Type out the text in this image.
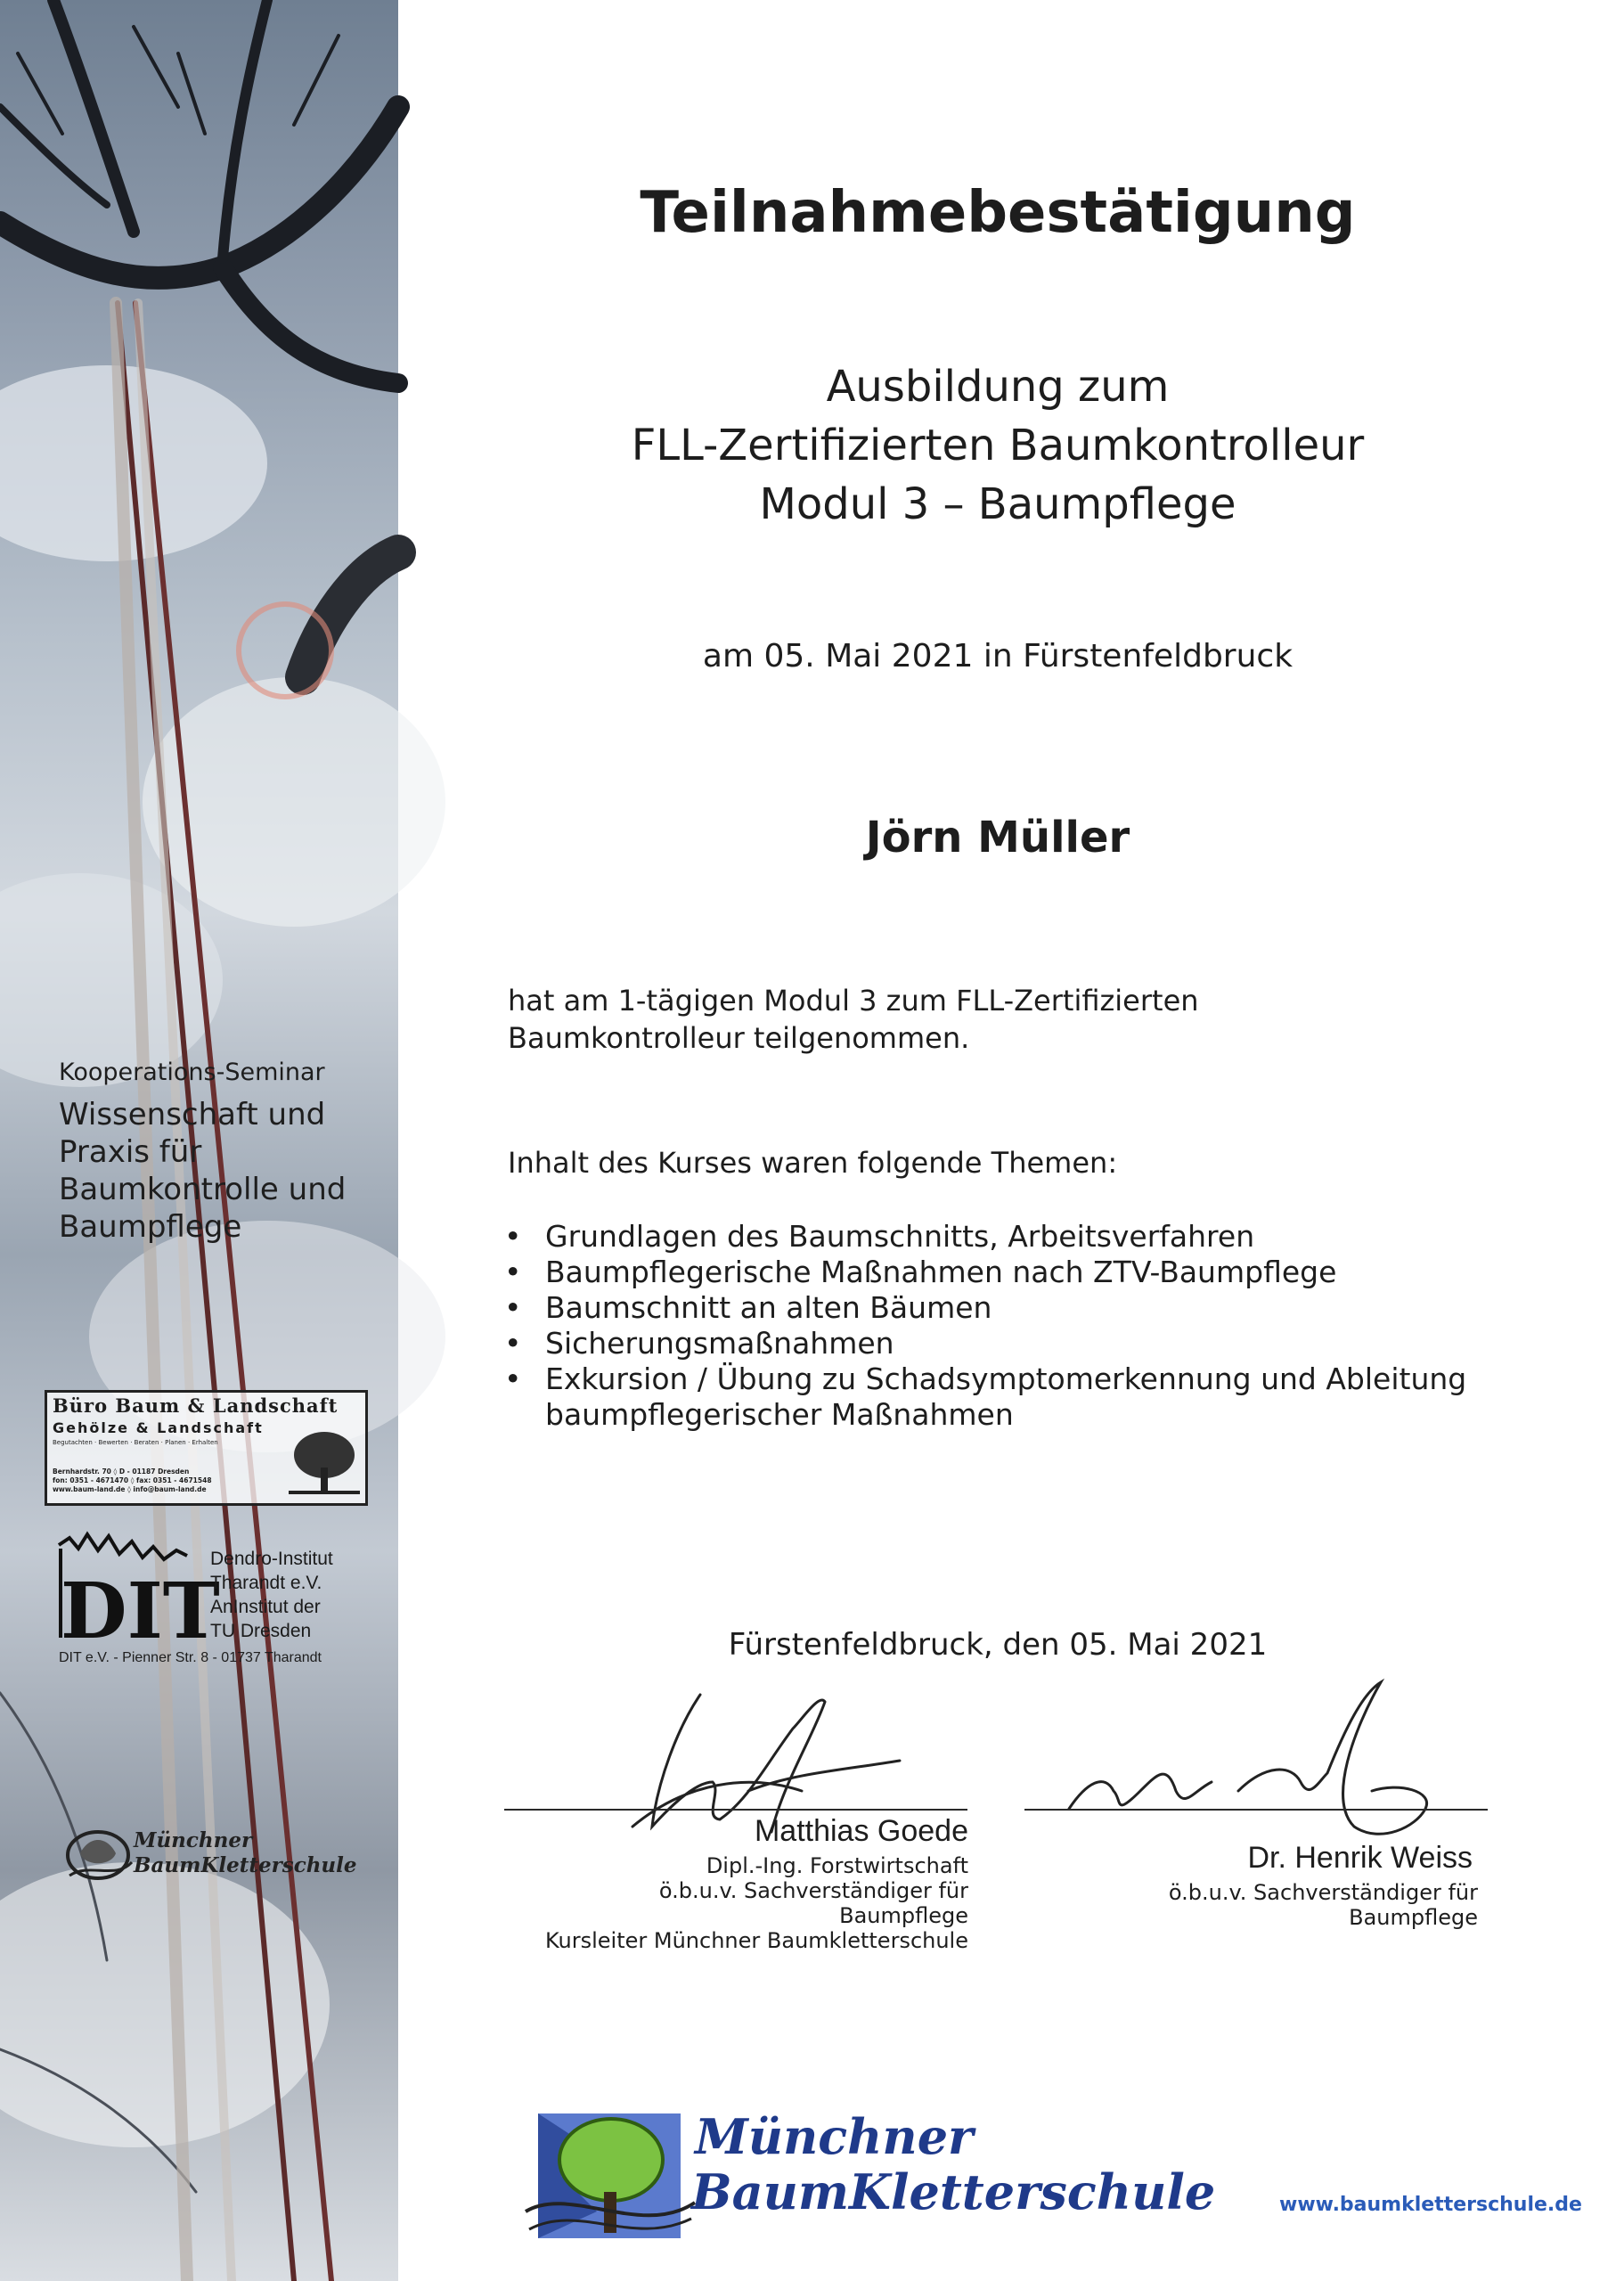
Kooperations-Seminar
Wissenschaft und Praxis für Baumkontrolle und Baumpflege
Büro Baum & Landschaft
Gehölze & Landschaft
Begutachten · Bewerten · Beraten · Planen · Erhalten
Bernhardstr. 70 ◊ D - 01187 Dresden
fon: 0351 - 4671470 ◊ fax: 0351 - 4671548
www.baum-land.de ◊ info@baum-land.de
DIT
Dendro-Institut
Tharandt e.V.
AnInstitut der
TU Dresden
DIT e.V. - Pienner Str. 8 - 01737 Tharandt
Münchner
BaumKletterschule
Teilnahmebestätigung
Ausbildung zum
FLL-Zertifizierten Baumkontrolleur
Modul 3 – Baumpflege
am 05. Mai 2021 in Fürstenfeldbruck
Jörn Müller
hat am 1-tägigen Modul 3 zum FLL-Zertifizierten
Baumkontrolleur teilgenommen.
Inhalt des Kurses waren folgende Themen:
• Grundlagen des Baumschnitts, Arbeitsverfahren
• Baumpflegerische Maßnahmen nach ZTV-Baumpflege
• Baumschnitt an alten Bäumen
• Sicherungsmaßnahmen
• Exkursion / Übung zu Schadsymptomerkennung und Ableitung baumpflegerischer Maßnahmen
Fürstenfeldbruck, den 05. Mai 2021
Matthias Goede
Dipl.-Ing. Forstwirtschaft
ö.b.u.v. Sachverständiger für
Baumpflege
Kursleiter Münchner Baumkletterschule
Dr. Henrik Weiss
ö.b.u.v. Sachverständiger für
Baumpflege
Münchner
BaumKletterschule	www.baumkletterschule.de
